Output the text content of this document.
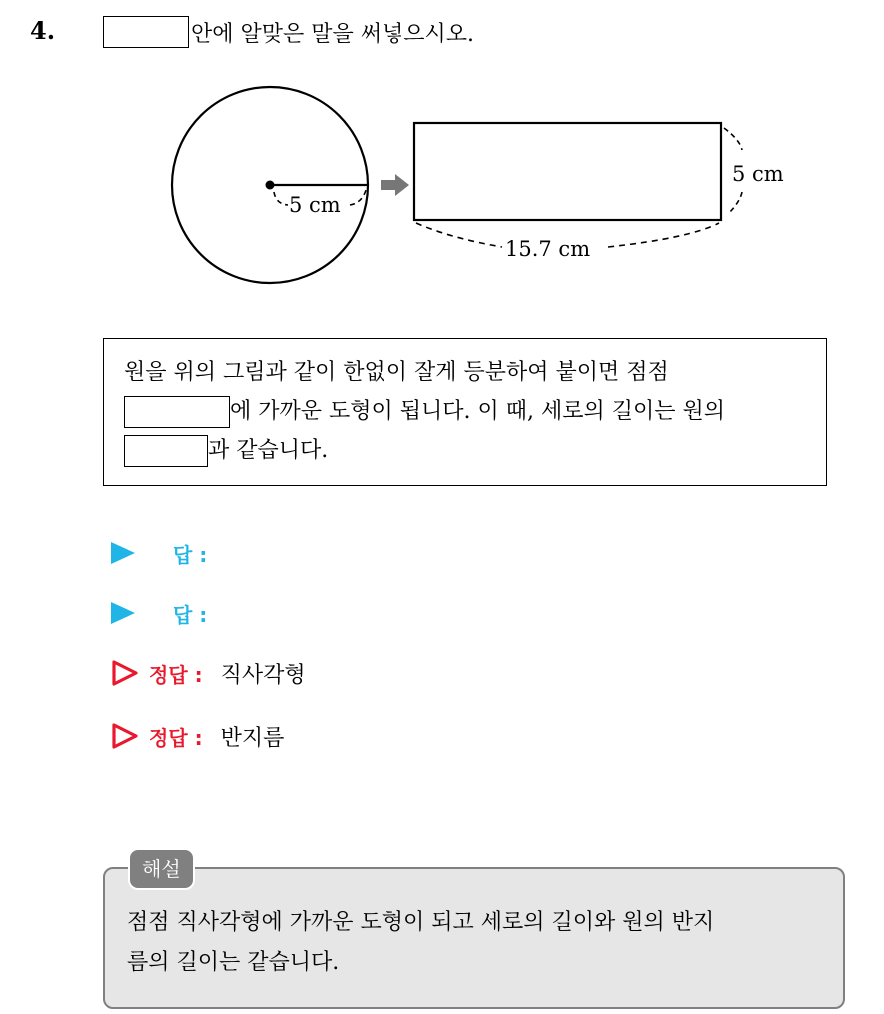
4.	안에 알맞은 말을 써넣으시오.
5 cm
5 cm
15.7 cm
원을 위의 그림과 같이 한없이 잘게 등분하여 붙이면 점점
에 가까운 도형이 됩니다. 이 때, 세로의 길이는 원의
과 같습니다.
답 :
답 :
정답 : 직사각형
정답 : 반지름
점점 직사각형에 가까운 도형이 되고 세로의 길이와 원의 반지
름의 길이는 같습니다.
해설
